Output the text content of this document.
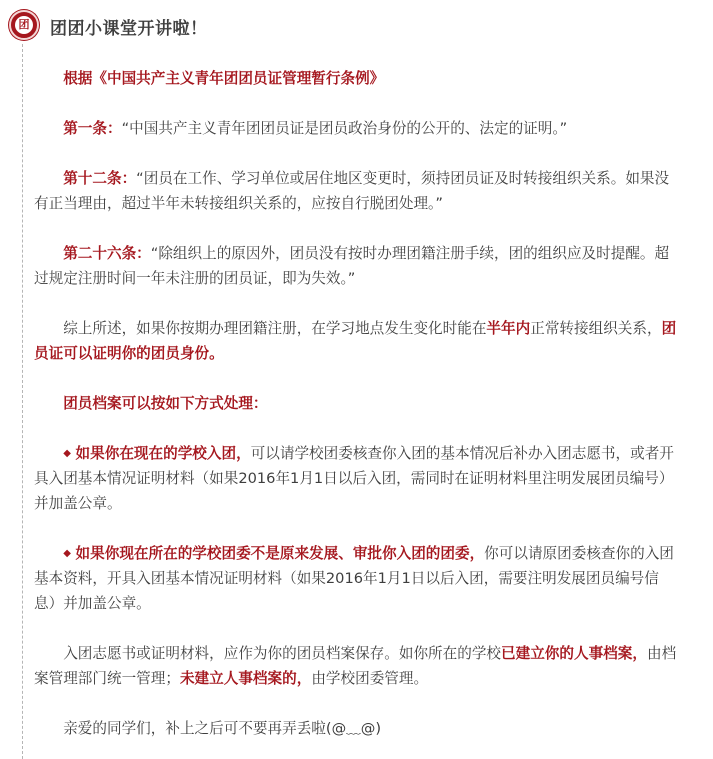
团 团团小课堂开讲啦！

根据《中国共产主义青年团团员证管理暂行条例》

第一条：“中国共产主义青年团团员证是团员政治身份的公开的、法定的证明。”

第十二条：“团员在工作、学习单位或居住地区变更时，须持团员证及时转接组织关系。如果没有正当理由，超过半年未转接组织关系的，应按自行脱团处理。”

第二十六条：“除组织上的原因外，团员没有按时办理团籍注册手续，团的组织应及时提醒。超过规定注册时间一年未注册的团员证，即为失效。”

综上所述，如果你按期办理团籍注册，在学习地点发生变化时能在半年内正常转接组织关系，团员证可以证明你的团员身份。

团员档案可以按如下方式处理：

◆ 如果你在现在的学校入团，可以请学校团委核查你入团的基本情况后补办入团志愿书，或者开具入团基本情况证明材料（如果2016年1月1日以后入团，需同时在证明材料里注明发展团员编号）并加盖公章。

◆ 如果你现在所在的学校团委不是原来发展、审批你入团的团委，你可以请原团委核查你的入团基本资料，开具入团基本情况证明材料（如果2016年1月1日以后入团，需要注明发展团员编号信息）并加盖公章。

入团志愿书或证明材料，应作为你的团员档案保存。如你所在的学校已建立你的人事档案，由档案管理部门统一管理；未建立人事档案的，由学校团委管理。

亲爱的同学们，补上之后可不要再弄丢啦(@﹏@)
